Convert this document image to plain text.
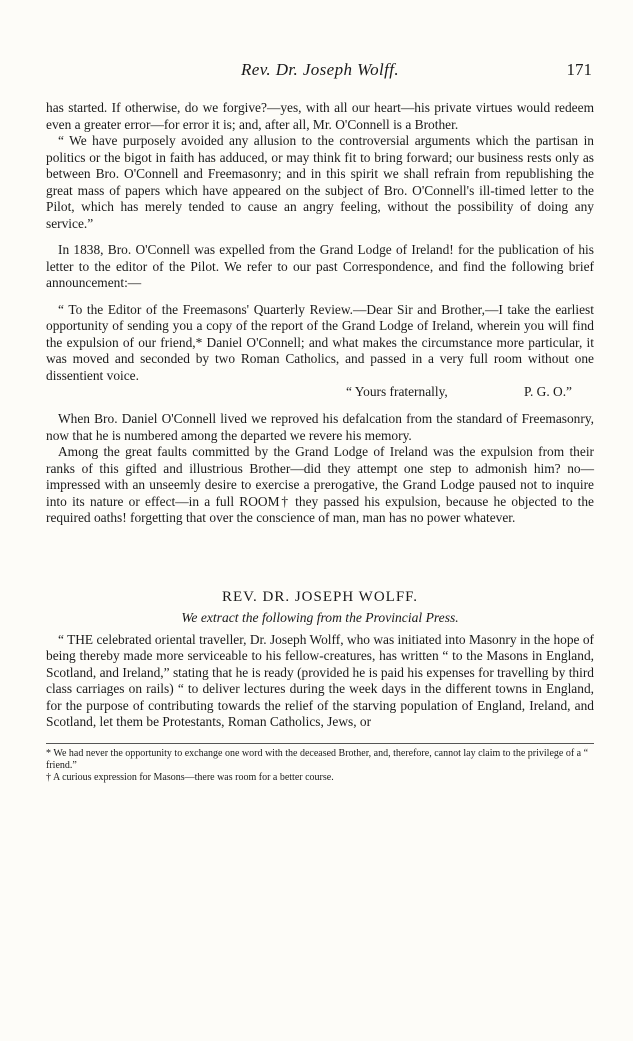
Rev. Dr. Joseph Wolff.	171

has started. If otherwise, do we forgive?—yes, with all our heart—his private virtues would redeem even a greater error—for error it is; and, after all, Mr. O'Connell is a Brother.

“ We have purposely avoided any allusion to the controversial arguments which the partisan in politics or the bigot in faith has adduced, or may think fit to bring forward; our business rests only as between Bro. O'Connell and Freemasonry; and in this spirit we shall refrain from republishing the great mass of papers which have appeared on the subject of Bro. O'Connell's ill-timed letter to the Pilot, which has merely tended to cause an angry feeling, without the possibility of doing any service.”

In 1838, Bro. O'Connell was expelled from the Grand Lodge of Ireland! for the publication of his letter to the editor of the Pilot. We refer to our past Correspondence, and find the following brief announcement:—

“ To the Editor of the Freemasons' Quarterly Review.—Dear Sir and Brother,—I take the earliest opportunity of sending you a copy of the report of the Grand Lodge of Ireland, wherein you will find the expulsion of our friend,* Daniel O'Connell; and what makes the circumstance more particular, it was moved and seconded by two Roman Catholics, and passed in a very full room without one dissentient voice.

“ Yours fraternally,	P. G. O.”

When Bro. Daniel O'Connell lived we reproved his defalcation from the standard of Freemasonry, now that he is numbered among the departed we revere his memory.

Among the great faults committed by the Grand Lodge of Ireland was the expulsion from their ranks of this gifted and illustrious Brother—did they attempt one step to admonish him? no—impressed with an unseemly desire to exercise a prerogative, the Grand Lodge paused not to inquire into its nature or effect—in a full ROOM† they passed his expulsion, because he objected to the required oaths! forgetting that over the conscience of man, man has no power whatever.

REV. DR. JOSEPH WOLFF.
We extract the following from the Provincial Press.

“ THE celebrated oriental traveller, Dr. Joseph Wolff, who was initiated into Masonry in the hope of being thereby made more serviceable to his fellow-creatures, has written “ to the Masons in England, Scotland, and Ireland,” stating that he is ready (provided he is paid his expenses for travelling by third class carriages on rails) “ to deliver lectures during the week days in the different towns in England, for the purpose of contributing towards the relief of the starving population of England, Ireland, and Scotland, let them be Protestants, Roman Catholics, Jews, or

* We had never the opportunity to exchange one word with the deceased Brother, and, therefore, cannot lay claim to the privilege of a “ friend.”
† A curious expression for Masons—there was room for a better course.
